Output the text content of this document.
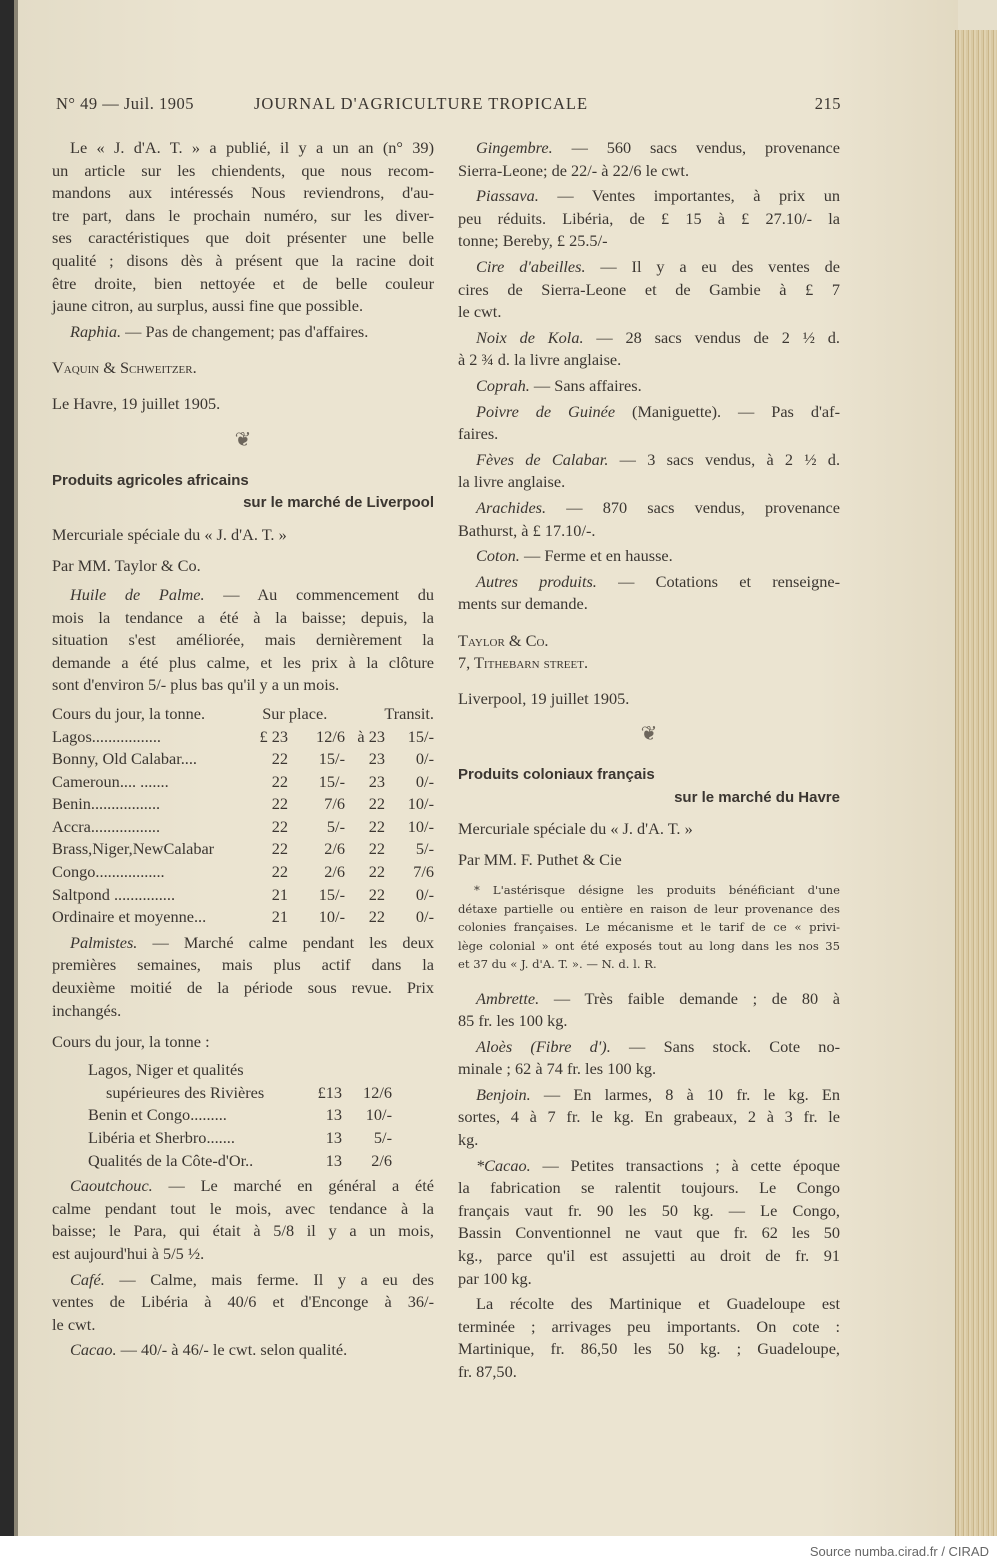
N° 49 — Juil. 1905	JOURNAL D'AGRICULTURE TROPICALE	215
Le « J. d'A. T. » a publié, il y a un an (n° 39)
un article sur les chiendents, que nous recom-
mandons aux intéressés Nous reviendrons, d'au-
tre part, dans le prochain numéro, sur les diver-
ses caractéristiques que doit présenter une belle
qualité ; disons dès à présent que la racine doit
être droite, bien nettoyée et de belle couleur
jaune citron, au surplus, aussi fine que possible.
Raphia. — Pas de changement; pas d'affaires.
Vaquin & Schweitzer.
Le Havre, 19 juillet 1905.
❦
Produits agricoles africains
sur le marché de Liverpool
Mercuriale spéciale du « J. d'A. T. »
Par MM. Taylor & Co.
Huile de Palme. — Au commencement du
mois la tendance a été à la baisse; depuis, la
situation s'est améliorée, mais dernièrement la
demande a été plus calme, et les prix à la clôture
sont d'environ 5/- plus bas qu'il y a un mois.
Cours du jour, la tonne.	Sur place.	Transit.
Lagos.................	£ 23	12/6 à 23	15/-
Bonny, Old Calabar....	22	15/-	23	0/-
Cameroun.... .......	22	15/-	23	0/-
Benin.................	22	7/6	22	10/-
Accra.................	22	5/-	22	10/-
Brass,Niger,NewCalabar	22	2/6	22	5/-
Congo.................	22	2/6	22	7/6
Saltpond ...............	21	15/-	22	0/-
Ordinaire et moyenne...	21	10/-	22	0/-
Palmistes. — Marché calme pendant les deux
premières semaines, mais plus actif dans la
deuxième moitié de la période sous revue. Prix
inchangés.
Cours du jour, la tonne :
Lagos, Niger et qualités
supérieures des Rivières	£13	12/6
Benin et Congo.........	13	10/-
Libéria et Sherbro.......	13	5/-
Qualités de la Côte-d'Or..	13	2/6
Caoutchouc. — Le marché en général a été
calme pendant tout le mois, avec tendance à la
baisse; le Para, qui était à 5/8 il y a un mois,
est aujourd'hui à 5/5 ½.
Café. — Calme, mais ferme. Il y a eu des
ventes de Libéria à 40/6 et d'Enconge à 36/-
le cwt.
Cacao. — 40/- à 46/- le cwt. selon qualité.
Gingembre. — 560 sacs vendus, provenance
Sierra-Leone; de 22/- à 22/6 le cwt.
Piassava. — Ventes importantes, à prix un
peu réduits. Libéria, de £ 15 à £ 27.10/- la
tonne; Bereby, £ 25.5/-
Cire d'abeilles. — Il y a eu des ventes de
cires de Sierra-Leone et de Gambie à £ 7
le cwt.
Noix de Kola. — 28 sacs vendus de 2 ½ d.
à 2 ¾ d. la livre anglaise.
Coprah. — Sans affaires.
Poivre de Guinée (Maniguette). — Pas d'af-
faires.
Fèves de Calabar. — 3 sacs vendus, à 2 ½ d.
la livre anglaise.
Arachides. — 870 sacs vendus, provenance
Bathurst, à £ 17.10/-.
Coton. — Ferme et en hausse.
Autres produits. — Cotations et renseigne-
ments sur demande.
Taylor & Co.
7, Tithebarn street.
Liverpool, 19 juillet 1905.
❦
Produits coloniaux français
sur le marché du Havre
Mercuriale spéciale du « J. d'A. T. »
Par MM. F. Puthet & Cie
* L'astérisque désigne les produits bénéficiant d'une
détaxe partielle ou entière en raison de leur provenance des
colonies françaises. Le mécanisme et le tarif de ce « privi-
lège colonial » ont été exposés tout au long dans les nos 35
et 37 du « J. d'A. T. ». — N. d. l. R.
Ambrette. — Très faible demande ; de 80 à
85 fr. les 100 kg.
Aloès (Fibre d'). — Sans stock. Cote no-
minale ; 62 à 74 fr. les 100 kg.
Benjoin. — En larmes, 8 à 10 fr. le kg. En
sortes, 4 à 7 fr. le kg. En grabeaux, 2 à 3 fr. le
kg.
*Cacao. — Petites transactions ; à cette époque
la fabrication se ralentit toujours. Le Congo
français vaut fr. 90 les 50 kg. — Le Congo,
Bassin Conventionnel ne vaut que fr. 62 les 50
kg., parce qu'il est assujetti au droit de fr. 91
par 100 kg.
La récolte des Martinique et Guadeloupe est
terminée ; arrivages peu importants. On cote :
Martinique, fr. 86,50 les 50 kg. ; Guadeloupe,
fr. 87,50.
Source numba.cirad.fr / CIRAD
